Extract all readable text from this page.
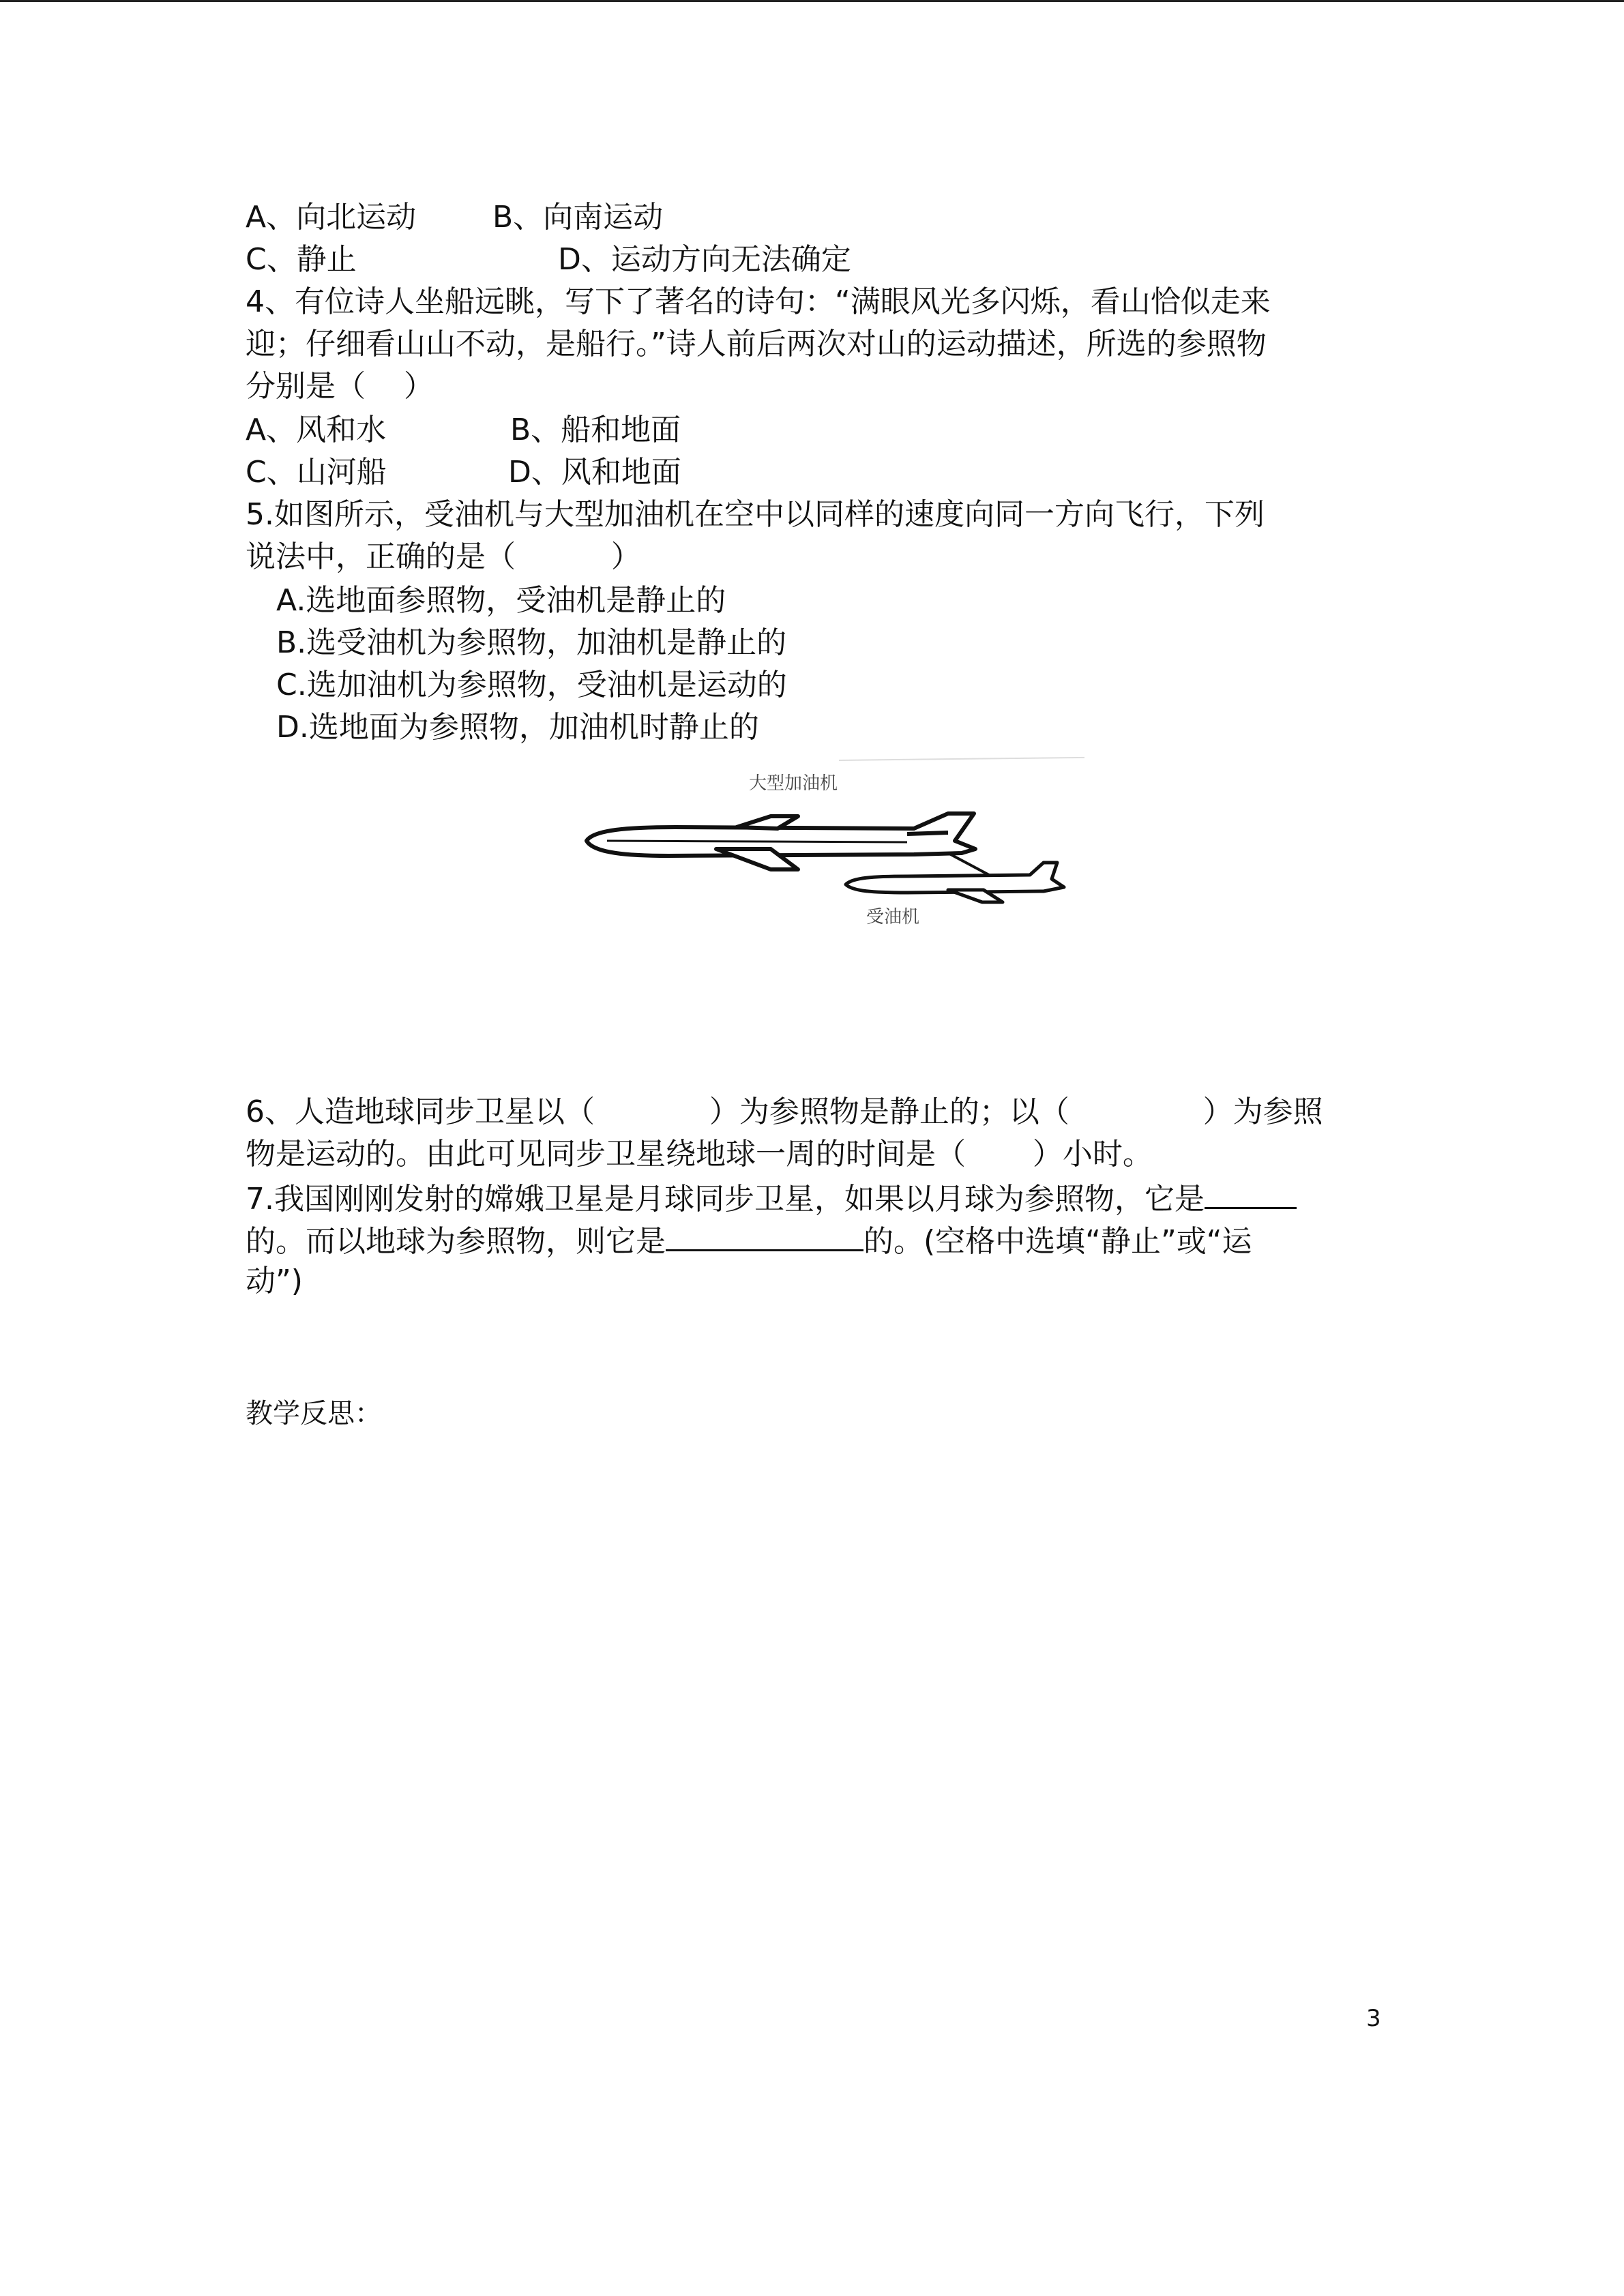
A、向北运动	B、向南运动
C、静止	D、运动方向无法确定
4、有位诗人坐船远眺，写下了著名的诗句：“满眼风光多闪烁，看山恰似走来
迎；仔细看山山不动，是船行。”诗人前后两次对山的运动描述，所选的参照物
分别是（    ）
A、风和水	B、船和地面
C、山河船	D、风和地面
5.如图所示，受油机与大型加油机在空中以同样的速度向同一方向飞行，下列
说法中，正确的是（          ）
A.选地面参照物，受油机是静止的
B.选受油机为参照物，加油机是静止的
C.选加油机为参照物，受油机是运动的
D.选地面为参照物，加油机时静止的
大型加油机
受油机
6、人造地球同步卫星以（            ）为参照物是静止的；以（              ）为参照
物是运动的。由此可见同步卫星绕地球一周的时间是（       ）小时。
7.我国刚刚发射的嫦娥卫星是月球同步卫星，如果以月球为参照物，它是
的。而以地球为参照物，则它是	的。(空格中选填“静止”或“运
动”)
教学反思：
3
